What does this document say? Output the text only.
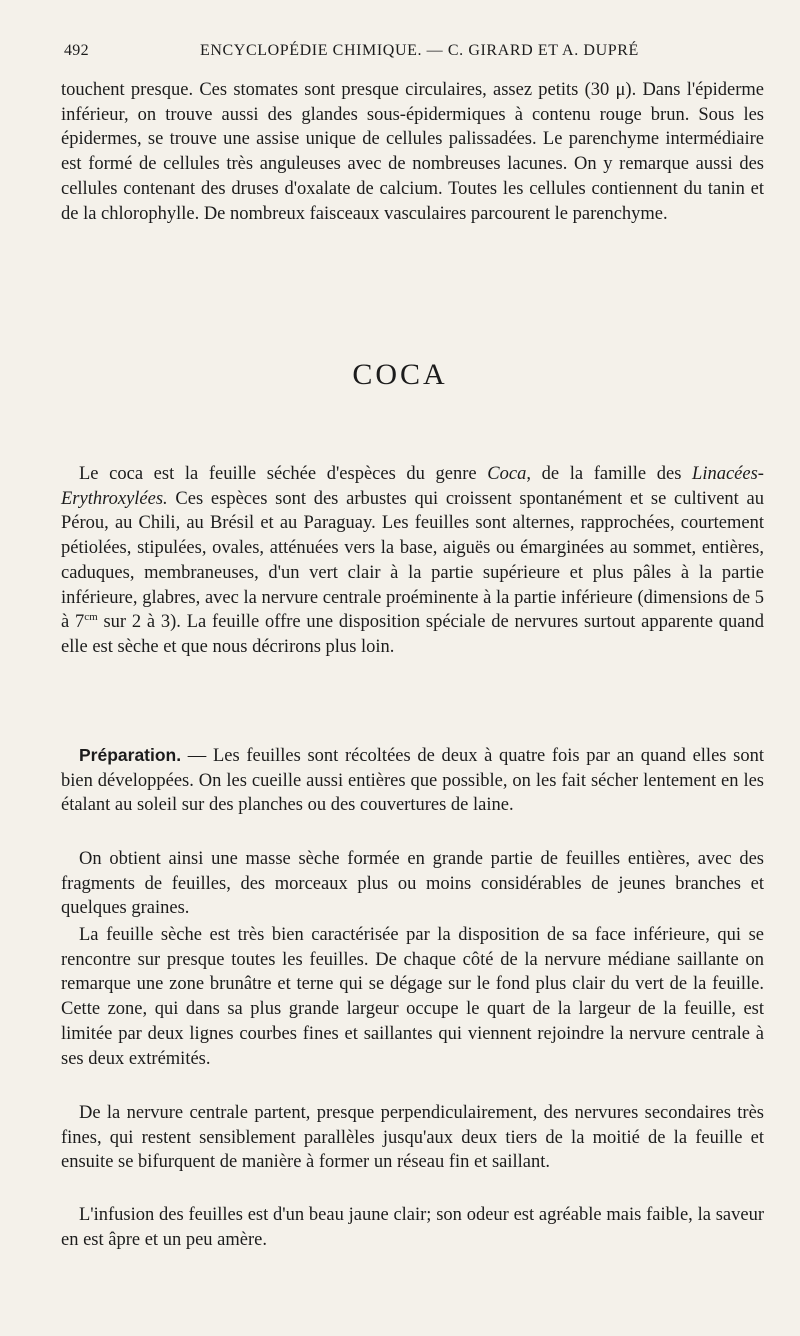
492	ENCYCLOPÉDIE CHIMIQUE. — C. GIRARD ET A. DUPRÉ
touchent presque. Ces stomates sont presque circulaires, assez petits (30 μ). Dans l'épiderme inférieur, on trouve aussi des glandes sous-épidermiques à contenu rouge brun. Sous les épidermes, se trouve une assise unique de cellules palissadées. Le parenchyme intermédiaire est formé de cellules très anguleuses avec de nombreuses lacunes. On y remarque aussi des cellules contenant des druses d'oxalate de calcium. Toutes les cellules contiennent du tanin et de la chlorophylle. De nombreux faisceaux vasculaires parcourent le parenchyme.
COCA
Le coca est la feuille séchée d'espèces du genre Coca, de la famille des Linacées-Erythroxylées. Ces espèces sont des arbustes qui croissent spontanément et se cultivent au Pérou, au Chili, au Brésil et au Paraguay. Les feuilles sont alternes, rapprochées, courtement pétiolées, stipulées, ovales, atténuées vers la base, aiguës ou émarginées au sommet, entières, caduques, membraneuses, d'un vert clair à la partie supérieure et plus pâles à la partie inférieure, glabres, avec la nervure centrale proéminente à la partie inférieure (dimensions de 5 à $7^{cm}$ sur 2 à 3). La feuille offre une disposition spéciale de nervures surtout apparente quand elle est sèche et que nous décrirons plus loin.
Préparation. — Les feuilles sont récoltées de deux à quatre fois par an quand elles sont bien développées. On les cueille aussi entières que possible, on les fait sécher lentement en les étalant au soleil sur des planches ou des couvertures de laine.
On obtient ainsi une masse sèche formée en grande partie de feuilles entières, avec des fragments de feuilles, des morceaux plus ou moins considérables de jeunes branches et quelques graines.
La feuille sèche est très bien caractérisée par la disposition de sa face inférieure, qui se rencontre sur presque toutes les feuilles. De chaque côté de la nervure médiane saillante on remarque une zone brunâtre et terne qui se dégage sur le fond plus clair du vert de la feuille. Cette zone, qui dans sa plus grande largeur occupe le quart de la largeur de la feuille, est limitée par deux lignes courbes fines et saillantes qui viennent rejoindre la nervure centrale à ses deux extrémités.
De la nervure centrale partent, presque perpendiculairement, des nervures secondaires très fines, qui restent sensiblement parallèles jusqu'aux deux tiers de la moitié de la feuille et ensuite se bifurquent de manière à former un réseau fin et saillant.
L'infusion des feuilles est d'un beau jaune clair; son odeur est agréable mais faible, la saveur en est âpre et un peu amère.
